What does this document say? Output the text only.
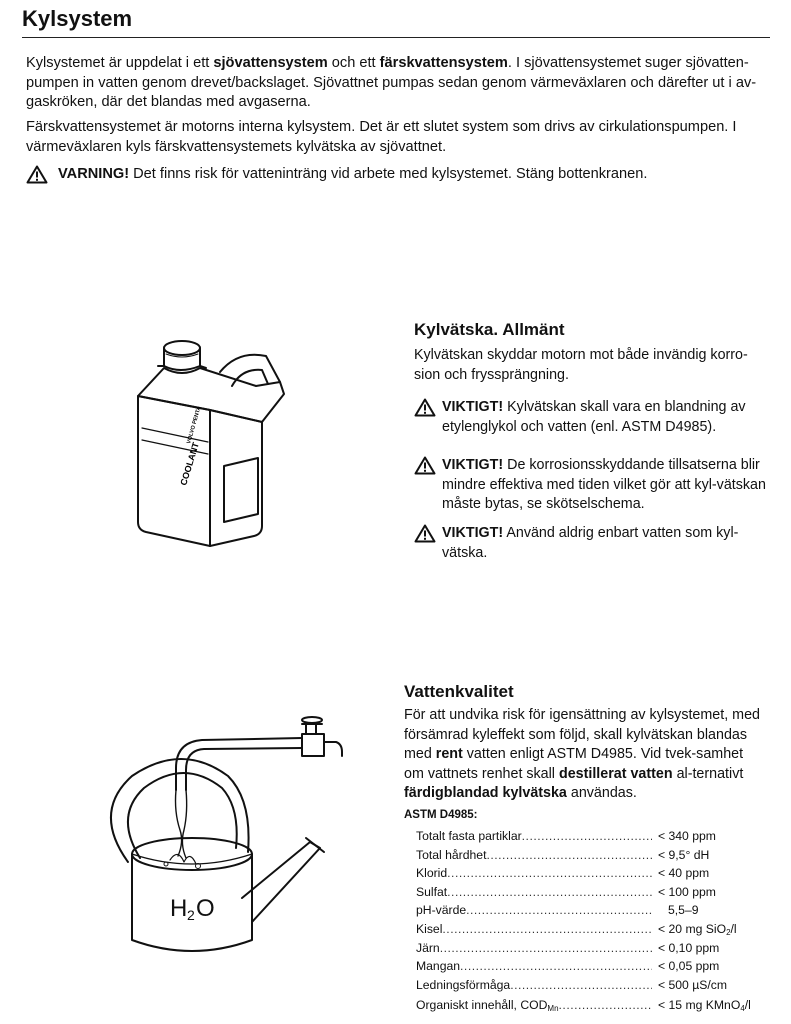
Kylsystem

Kylsystemet är uppdelat i ett sjövattensystem och ett färskvattensystem. I sjövattensystemet suger sjövatten-pumpen in vatten genom drevet/backslaget. Sjövattnet pumpas sedan genom värmeväxlaren och därefter ut i av-gaskröken, där det blandas med avgaserna.

Färskvattensystemet är motorns interna kylsystem. Det är ett slutet system som drivs av cirkulationspumpen. I värmeväxlaren kyls färskvattensystemets kylvätska av sjövattnet.

VARNING! Det finns risk för vatteninträng vid arbete med kylsystemet. Stäng bottenkranen.
VOLVO PENTA
COOLANT
Kylvätska. Allmänt

Kylvätskan skyddar motorn mot både invändig korro-sion och fryssprängning.

VIKTIGT! Kylvätskan skall vara en blandning av etylenglykol och vatten (enl. ASTM D4985).
VIKTIGT! De korrosionsskyddande tillsatserna blir mindre effektiva med tiden vilket gör att kyl-vätskan måste bytas, se skötselschema.
VIKTIGT! Använd aldrig enbart vatten som kyl-vätska.
H 2 O
Vattenkvalitet

För att undvika risk för igensättning av kylsystemet, med försämrad kyleffekt som följd, skall kylvätskan blandas med rent vatten enligt ASTM D4985. Vid tvek-samhet om vattnets renhet skall destillerat vatten al-ternativt färdigblandad kylvätska användas.

ASTM D4985:
Totalt fasta partiklar .....	< 340 ppm
Total hårdhet .....	< 9,5° dH
Klorid .....	< 40 ppm
Sulfat .....	< 100 ppm
pH-värde .....	5,5–9
Kisel .....	< 20 mg SiO$_2$/l
Järn .....	< 0,10 ppm
Mangan .....	< 0,05 ppm
Ledningsförmåga .....	< 500 µS/cm
Organiskt innehåll, $COD_{Mn}$ .....	< 15 mg KMnO$_4$/l
